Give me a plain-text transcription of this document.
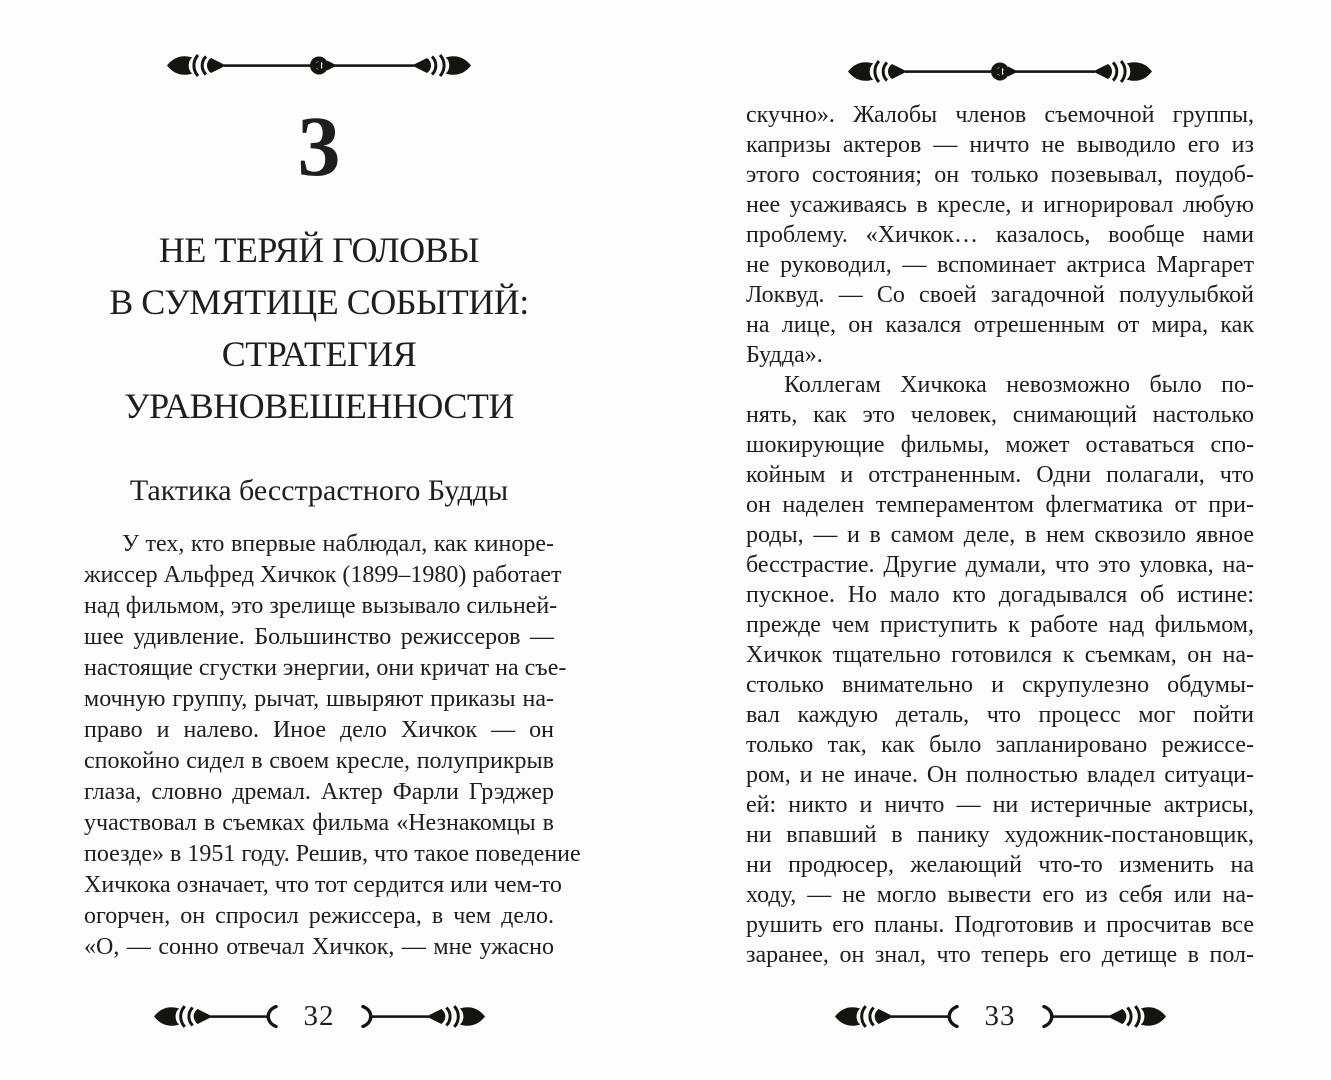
3
НЕ ТЕРЯЙ ГОЛОВЫ
В СУМЯТИЦЕ СОБЫТИЙ:
СТРАТЕГИЯ
УРАВНОВЕШЕННОСТИ
Тактика бесстрастного Будды
У тех, кто впервые наблюдал, как киноре-
жиссер Альфред Хичкок (1899–1980) работает
над фильмом, это зрелище вызывало сильней-
шее удивление. Большинство режиссеров —
настоящие сгустки энергии, они кричат на съе-
мочную группу, рычат, швыряют приказы на-
право и налево. Иное дело Хичкок — он
спокойно сидел в своем кресле, полуприкрыв
глаза, словно дремал. Актер Фарли Грэджер
участвовал в съемках фильма «Незнакомцы в
поезде» в 1951 году. Решив, что такое поведение
Хичкока означает, что тот сердится или чем-то
огорчен, он спросил режиссера, в чем дело.
«О, — сонно отвечал Хичкок, — мне ужасно
32
скучно». Жалобы членов съемочной группы,
капризы актеров — ничто не выводило его из
этого состояния; он только позевывал, поудоб-
нее усаживаясь в кресле, и игнорировал любую
проблему. «Хичкок… казалось, вообще нами
не руководил, — вспоминает актриса Маргарет
Локвуд. — Со своей загадочной полуулыбкой
на лице, он казался отрешенным от мира, как
Будда».
Коллегам Хичкока невозможно было по-
нять, как это человек, снимающий настолько
шокирующие фильмы, может оставаться спо-
койным и отстраненным. Одни полагали, что
он наделен темпераментом флегматика от при-
роды, — и в самом деле, в нем сквозило явное
бесстрастие. Другие думали, что это уловка, на-
пускное. Но мало кто догадывался об истине:
прежде чем приступить к работе над фильмом,
Хичкок тщательно готовился к съемкам, он на-
столько внимательно и скрупулезно обдумы-
вал каждую деталь, что процесс мог пойти
только так, как было запланировано режиссе-
ром, и не иначе. Он полностью владел ситуаци-
ей: никто и ничто — ни истеричные актрисы,
ни впавший в панику художник-постановщик,
ни продюсер, желающий что-то изменить на
ходу, — не могло вывести его из себя или на-
рушить его планы. Подготовив и просчитав все
заранее, он знал, что теперь его детище в пол-
33
